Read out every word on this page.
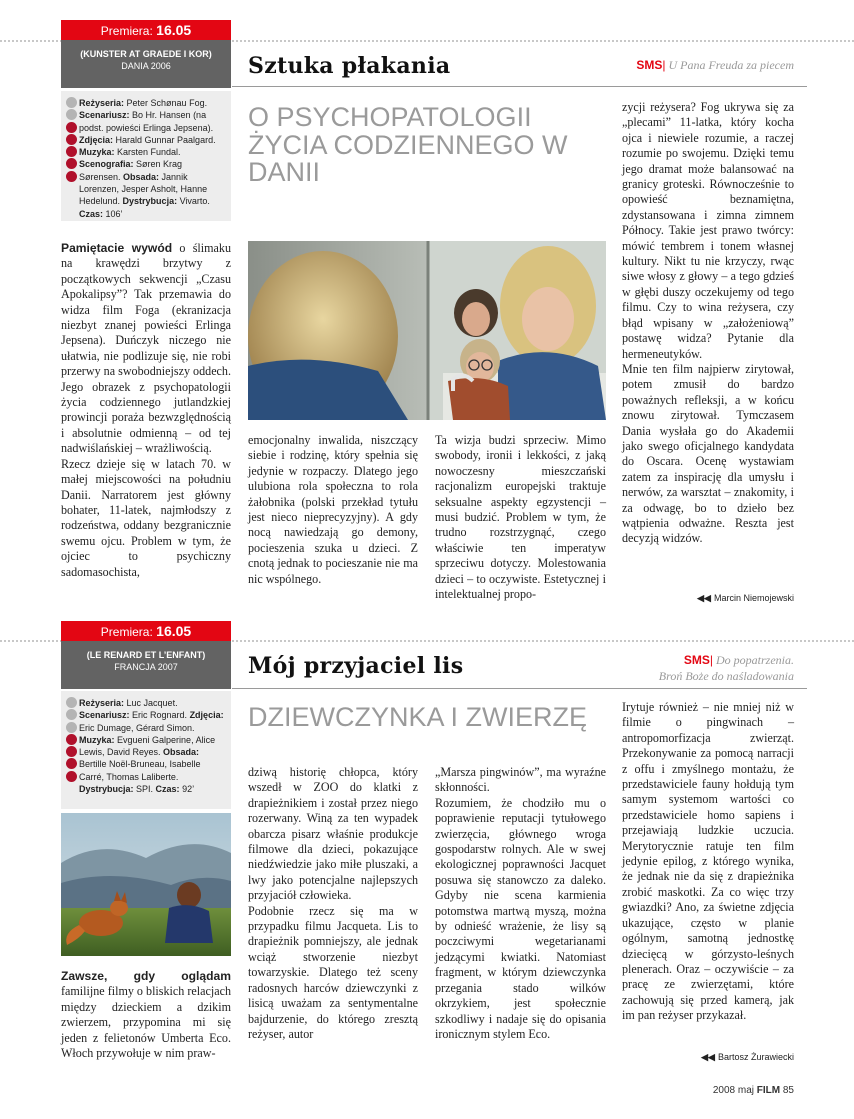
Premiera: 16.05
(KUNSTER AT GRAEDE I KOR)
DANIA 2006
Reżyseria: Peter Schønau Fog. Scenariusz: Bo Hr. Hansen (na podst. powieści Erlinga Jepsena). Zdjęcia: Harald Gunnar Paalgard. Muzyka: Karsten Fundal. Scenografia: Søren Krag Sørensen. Obsada: Jannik Lorenzen, Jesper Asholt, Hanne Hedelund. Dystrybucja: Vivarto. Czas: 106’
Sztuka płakania	SMS| U Pana Freuda za piecem
O PSYCHOPATOLOGII ŻYCIA CODZIENNEGO W DANII

Pamiętacie wywód o ślimaku na krawędzi brzytwy z początkowych sekwencji „Czasu Apokalipsy”? Tak przemawia do widza film Foga (ekranizacja niezbyt znanej powieści Erlinga Jepsena). Duńczyk niczego nie ułatwia, nie podlizuje się, nie robi przerwy na swobodniejszy oddech. Jego obrazek z psychopatologii życia codziennego jutlandzkiej prowincji poraża bezwzględnością i absolutnie odmienną – od tej nadwiślańskiej – wrażliwością.

Rzecz dzieje się w latach 70. w małej miejscowości na południu Danii. Narratorem jest główny bohater, 11-latek, najmłodszy z rodzeństwa, oddany bezgranicznie swemu ojcu. Problem w tym, że ojciec to psychiczny sadomasochista,

emocjonalny inwalida, niszczący siebie i rodzinę, który spełnia się jedynie w rozpaczy. Dlatego jego ulubiona rola społeczna to rola żałobnika (polski przekład tytułu jest nieco nieprecyzyjny). A gdy nocą nawiedzają go demony, pocieszenia szuka u dzieci. Z cnotą jednak to pocieszanie nie ma nic wspólnego.

Ta wizja budzi sprzeciw. Mimo swobody, ironii i lekkości, z jaką nowoczesny mieszczański racjonalizm europejski traktuje seksualne aspekty egzystencji – musi budzić. Problem w tym, że trudno rozstrzygnąć, czego właściwie ten imperatyw sprzeciwu dotyczy. Molestowania dzieci – to oczywiste. Estetycznej i intelektualnej propo-

zycji reżysera? Fog ukrywa się za „plecami” 11-latka, który kocha ojca i niewiele rozumie, a raczej rozumie po swojemu. Dzięki temu jego dramat może balansować na granicy groteski. Równocześnie to opowieść beznamiętna, zdystansowana i zimna zimnem Północy. Takie jest prawo twórcy: mówić tembrem i tonem własnej kultury. Nikt tu nie krzyczy, rwąc siwe włosy z głowy – a tego gdzieś w głębi duszy oczekujemy od tego filmu. Czy to wina reżysera, czy błąd wpisany w „założeniową” postawę widza? Pytanie dla hermeneutyków.

Mnie ten film najpierw zirytował, potem zmusił do bardzo poważnych refleksji, a w końcu znowu zirytował. Tymczasem Dania wysłała go do Akademii jako swego oficjalnego kandydata do Oscara. Ocenę wystawiam zatem za inspirację dla umysłu i nerwów, za warsztat – znakomity, i za odwagę, bo to dzieło bez wątpienia odważne. Reszta jest decyzją widzów.

◀◀ Marcin Niemojewski
Premiera: 16.05
(LE RENARD ET L’ENFANT)
FRANCJA 2007
Reżyseria: Luc Jacquet. Scenariusz: Eric Rognard. Zdjęcia: Eric Dumage, Gérard Simon. Muzyka: Evgueni Galperine, Alice Lewis, David Reyes. Obsada: Bertille Noël-Bruneau, Isabelle Carré, Thomas Laliberte. Dystrybucja: SPI. Czas: 92’
Mój przyjaciel lis	SMS| Do popatrzenia.
Broń Boże do naśladowania
DZIEWCZYNKA I ZWIERZĘ

Zawsze, gdy oglądam familijne filmy o bliskich relacjach między dzieckiem a dzikim zwierzem, przypomina mi się jeden z felietonów Umberta Eco. Włoch przywołuje w nim praw-

dziwą historię chłopca, który wszedł w ZOO do klatki z drapieżnikiem i został przez niego rozerwany. Winą za ten wypadek obarcza pisarz właśnie produkcje filmowe dla dzieci, pokazujące niedźwiedzie jako miłe pluszaki, a lwy jako potencjalne najlepszych przyjaciół człowieka.

Podobnie rzecz się ma w przypadku filmu Jacqueta. Lis to drapieżnik pomniejszy, ale jednak wciąż stworzenie niezbyt towarzyskie. Dlatego też sceny radosnych harców dziewczynki z lisicą uważam za sentymentalne bajdurzenie, do którego zresztą reżyser, autor

„Marsza pingwinów”, ma wyraźne skłonności.

Rozumiem, że chodziło mu o poprawienie reputacji tytułowego zwierzęcia, głównego wroga gospodarstw rolnych. Ale w swej ekologicznej poprawności Jacquet posuwa się stanowczo za daleko. Gdyby nie scena karmienia potomstwa martwą myszą, można by odnieść wrażenie, że lisy są poczciwymi wegetarianami jedzącymi kwiatki. Natomiast fragment, w którym dziewczynka przegania stado wilków okrzykiem, jest społecznie szkodliwy i nadaje się do opisania ironicznym stylem Eco.

Irytuje również – nie mniej niż w filmie o pingwinach – antropomorfizacja zwierząt. Przekonywanie za pomocą narracji z offu i zmyślnego montażu, że przedstawiciele fauny hołdują tym samym systemom wartości co przedstawiciele homo sapiens i przejawiają ludzkie uczucia. Merytorycznie ratuje ten film jedynie epilog, z którego wynika, że jednak nie da się z drapieżnika zrobić maskotki. Za co więc trzy gwiazdki? Ano, za świetne zdjęcia ukazujące, często w planie ogólnym, samotną jednostkę dziecięcą w górzysto-leśnych plenerach. Oraz – oczywiście – za pracę ze zwierzętami, które zachowują się przed kamerą, jak im pan reżyser przykazał.

◀◀ Bartosz Żurawiecki
2008 maj FILM 85
